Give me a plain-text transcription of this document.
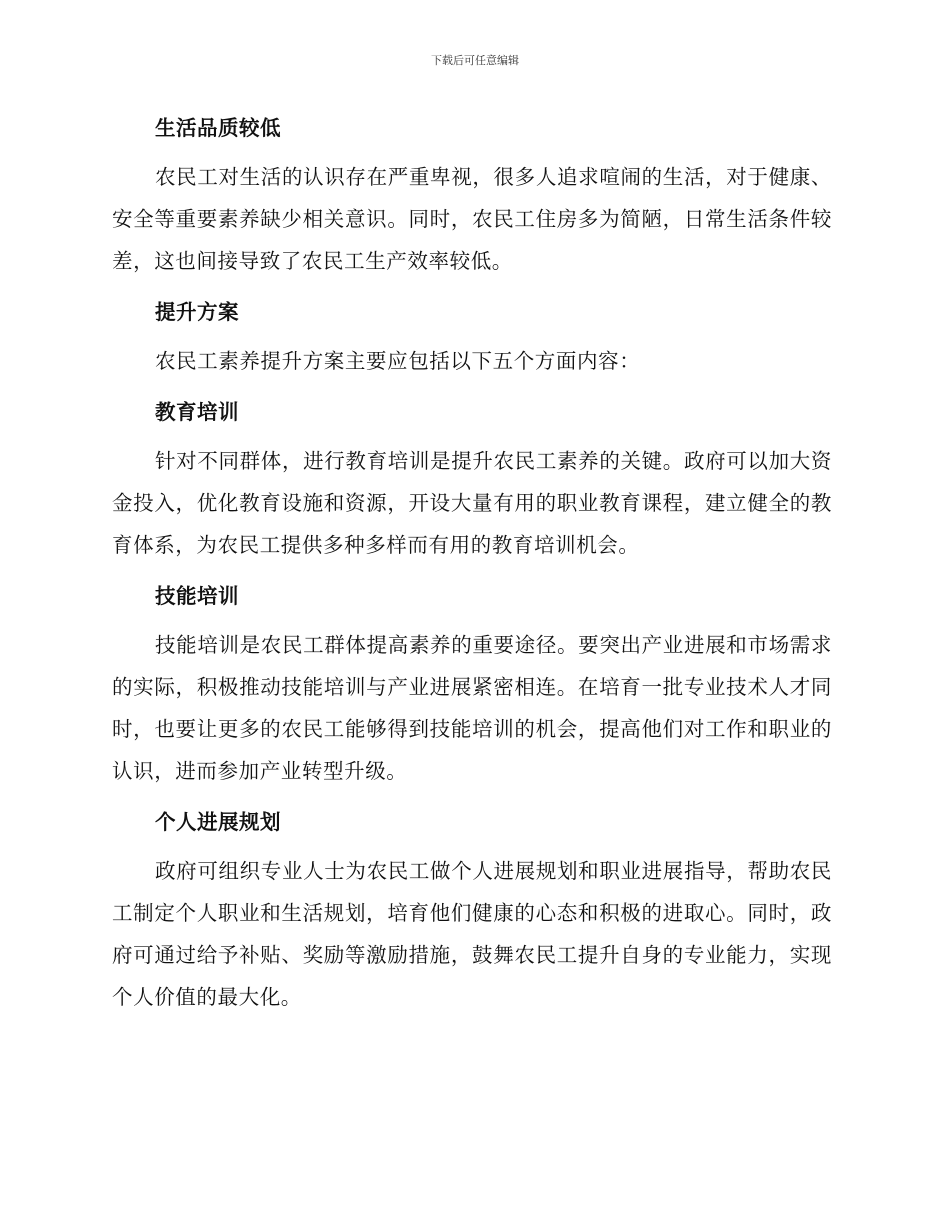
下载后可任意编辑
生活品质较低

农民工对生活的认识存在严重卑视，很多人追求喧闹的生活，对于健康、安全等重要素养缺少相关意识。同时，农民工住房多为简陋，日常生活条件较差，这也间接导致了农民工生产效率较低。

提升方案

农民工素养提升方案主要应包括以下五个方面内容：

教育培训

针对不同群体，进行教育培训是提升农民工素养的关键。政府可以加大资金投入，优化教育设施和资源，开设大量有用的职业教育课程，建立健全的教育体系，为农民工提供多种多样而有用的教育培训机会。

技能培训

技能培训是农民工群体提高素养的重要途径。要突出产业进展和市场需求的实际，积极推动技能培训与产业进展紧密相连。在培育一批专业技术人才同时，也要让更多的农民工能够得到技能培训的机会，提高他们对工作和职业的认识，进而参加产业转型升级。

个人进展规划

政府可组织专业人士为农民工做个人进展规划和职业进展指导，帮助农民工制定个人职业和生活规划，培育他们健康的心态和积极的进取心。同时，政府可通过给予补贴、奖励等激励措施，鼓舞农民工提升自身的专业能力，实现个人价值的最大化。
